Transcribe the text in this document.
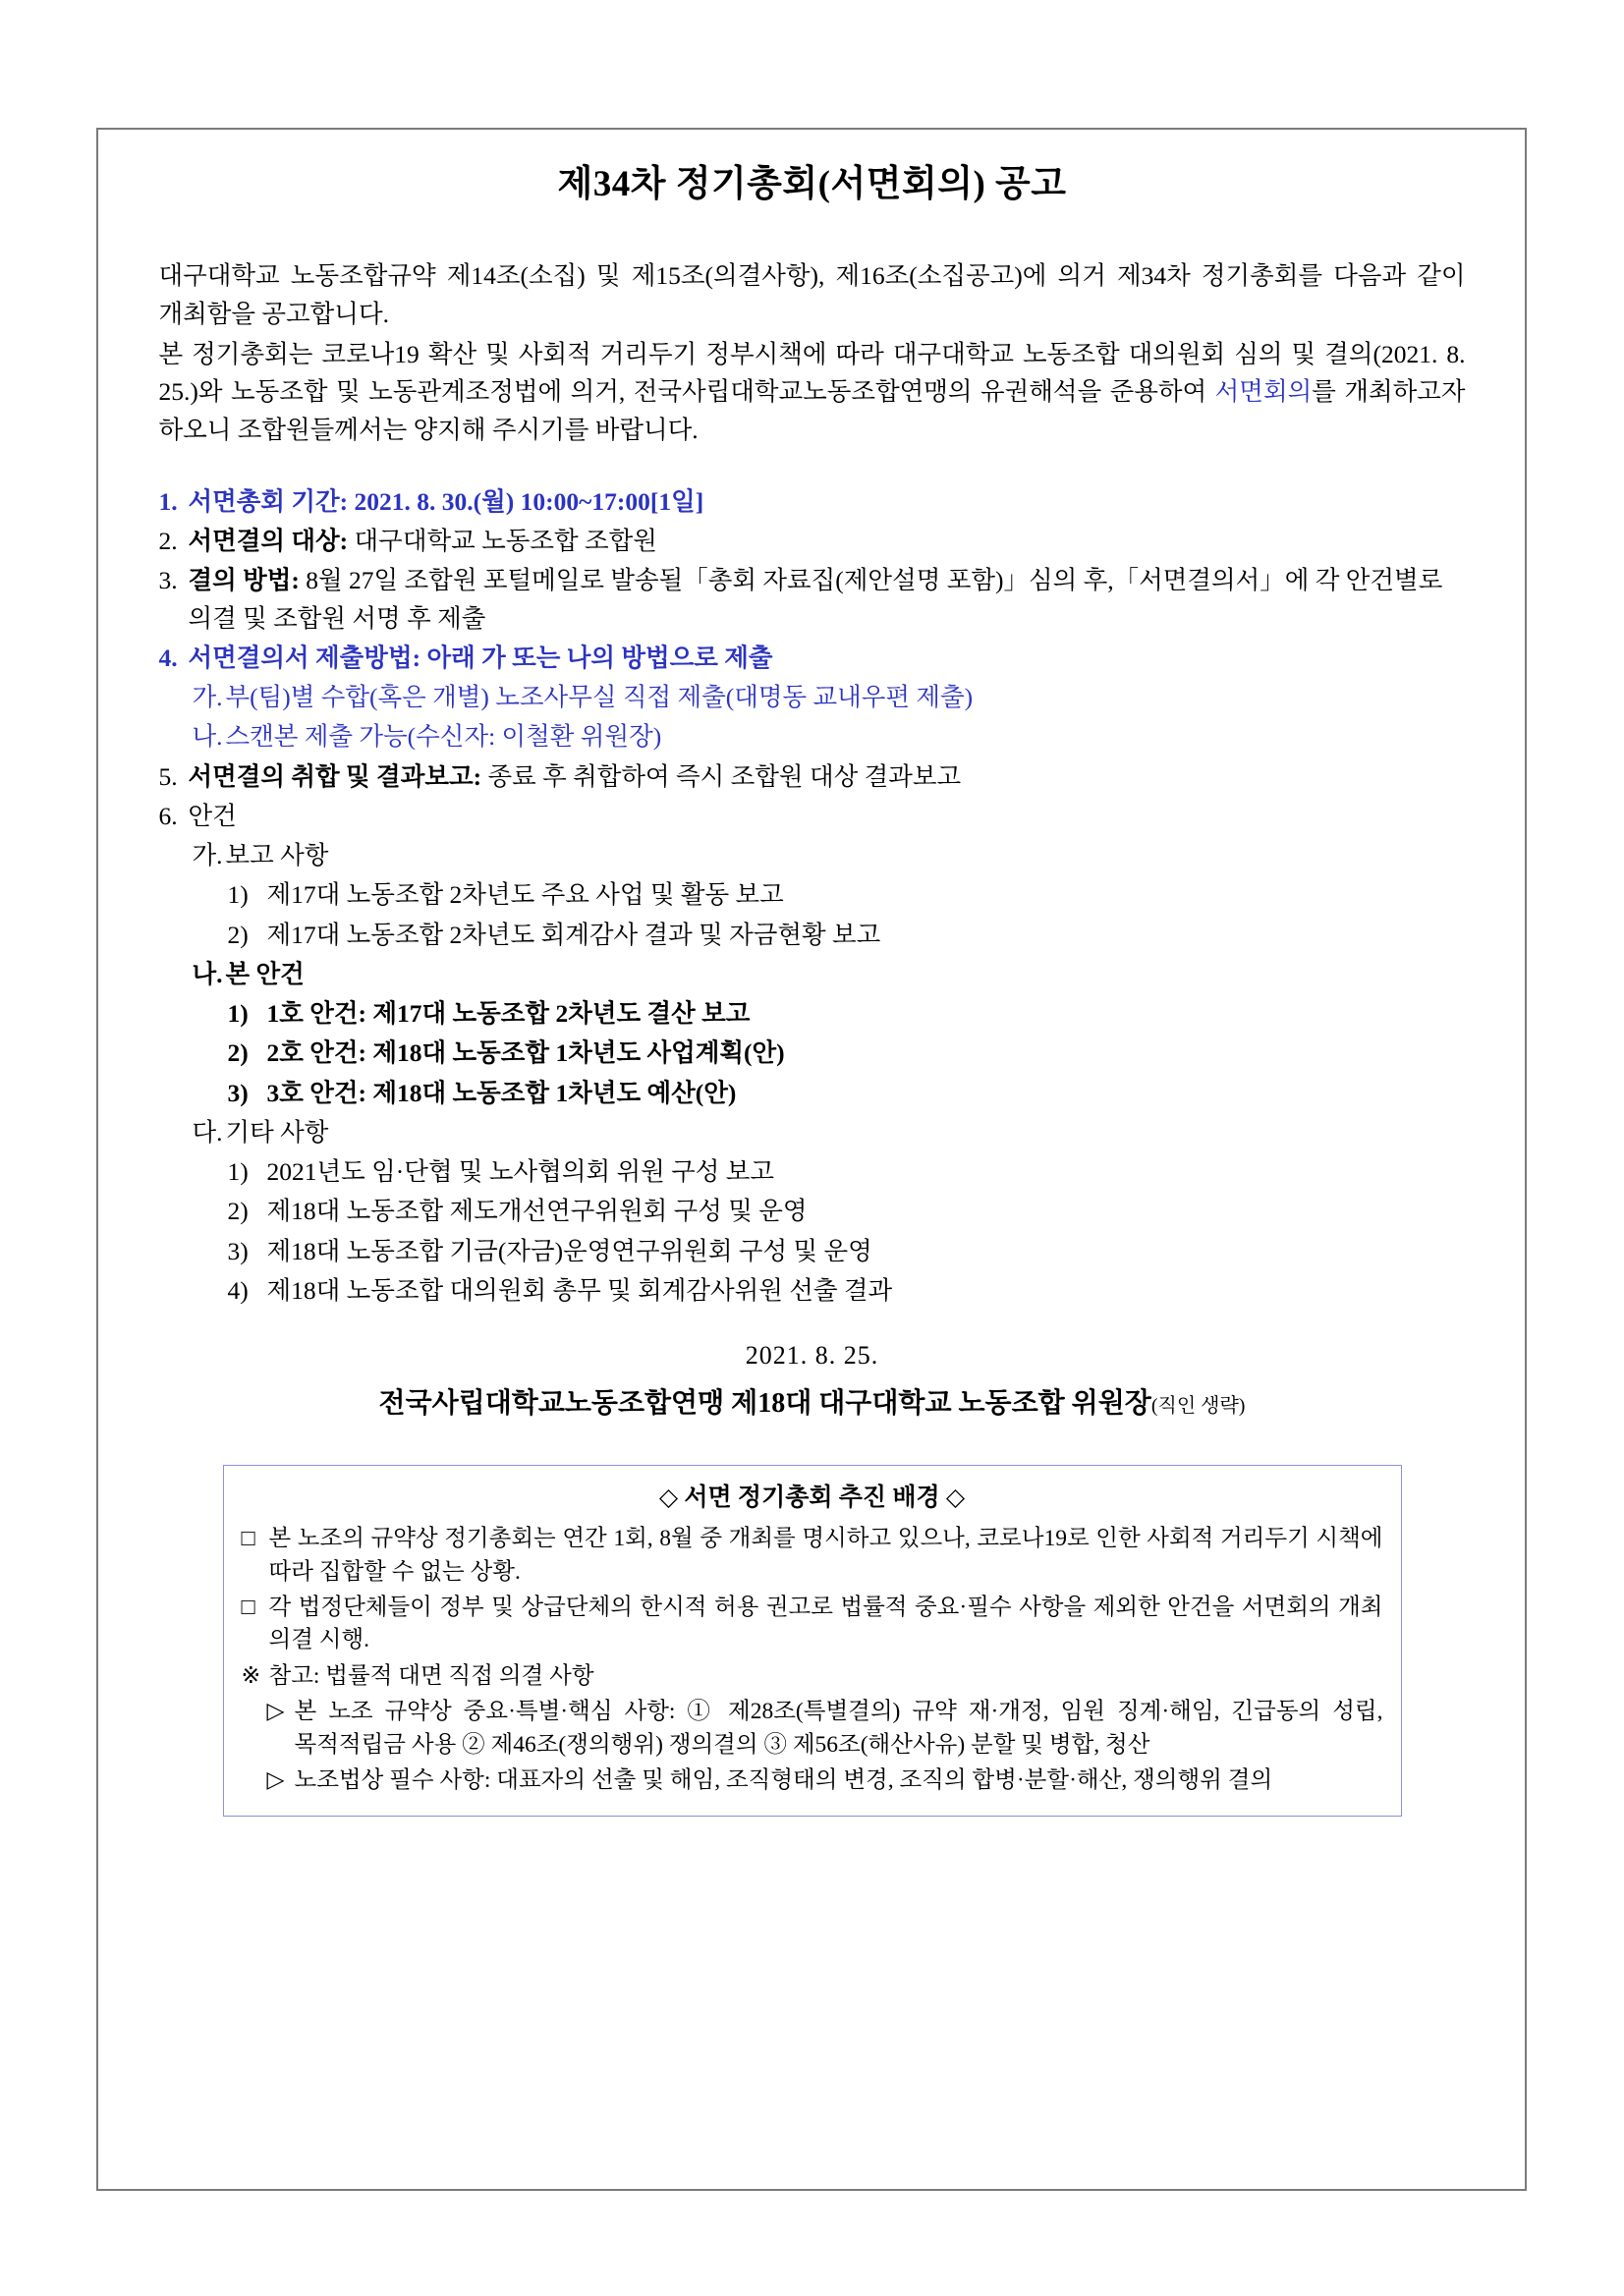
제34차 정기총회(서면회의) 공고

대구대학교 노동조합규약 제14조(소집) 및 제15조(의결사항), 제16조(소집공고)에 의거 제34차 정기총회를 다음과 같이 개최함을 공고합니다.

본 정기총회는 코로나19 확산 및 사회적 거리두기 정부시책에 따라 대구대학교 노동조합 대의원회 심의 및 결의(2021. 8. 25.)와 노동조합 및 노동관계조정법에 의거, 전국사립대학교노동조합연맹의 유권해석을 준용하여 서면회의를 개최하고자 하오니 조합원들께서는 양지해 주시기를 바랍니다.

1. 서면총회 기간: 2021. 8. 30.(월) 10:00~17:00[1일]
2. 서면결의 대상: 대구대학교 노동조합 조합원
3. 결의 방법: 8월 27일 조합원 포털메일로 발송될「총회 자료집(제안설명 포함)」심의 후,「서면결의서」에 각 안건별로 의결 및 조합원 서명 후 제출
4. 서면결의서 제출방법: 아래 가 또는 나의 방법으로 제출
가. 부(팀)별 수합(혹은 개별) 노조사무실 직접 제출(대명동 교내우편 제출)
나. 스캔본 제출 가능(수신자: 이철환 위원장)
5. 서면결의 취합 및 결과보고: 종료 후 취합하여 즉시 조합원 대상 결과보고
6. 안건
가. 보고 사항
1) 제17대 노동조합 2차년도 주요 사업 및 활동 보고
2) 제17대 노동조합 2차년도 회계감사 결과 및 자금현황 보고
나. 본 안건
1) 1호 안건: 제17대 노동조합 2차년도 결산 보고
2) 2호 안건: 제18대 노동조합 1차년도 사업계획(안)
3) 3호 안건: 제18대 노동조합 1차년도 예산(안)
다. 기타 사항
1) 2021년도 임·단협 및 노사협의회 위원 구성 보고
2) 제18대 노동조합 제도개선연구위원회 구성 및 운영
3) 제18대 노동조합 기금(자금)운영연구위원회 구성 및 운영
4) 제18대 노동조합 대의원회 총무 및 회계감사위원 선출 결과
2021. 8. 25.
전국사립대학교노동조합연맹 제18대 대구대학교 노동조합 위원장(직인 생략)
◇ 서면 정기총회 추진 배경 ◇
□ 본 노조의 규약상 정기총회는 연간 1회, 8월 중 개최를 명시하고 있으나, 코로나19로 인한 사회적 거리두기 시책에 따라 집합할 수 없는 상황.
□ 각 법정단체들이 정부 및 상급단체의 한시적 허용 권고로 법률적 중요·필수 사항을 제외한 안건을 서면회의 개최 의결 시행.
※ 참고: 법률적 대면 직접 의결 사항
▷ 본 노조 규약상 중요·특별·핵심 사항: ① 제28조(특별결의) 규약 재·개정, 임원 징계·해임, 긴급동의 성립, 목적적립금 사용 ② 제46조(쟁의행위) 쟁의결의 ③ 제56조(해산사유) 분할 및 병합, 청산
▷ 노조법상 필수 사항: 대표자의 선출 및 해임, 조직형태의 변경, 조직의 합병·분할·해산, 쟁의행위 결의
